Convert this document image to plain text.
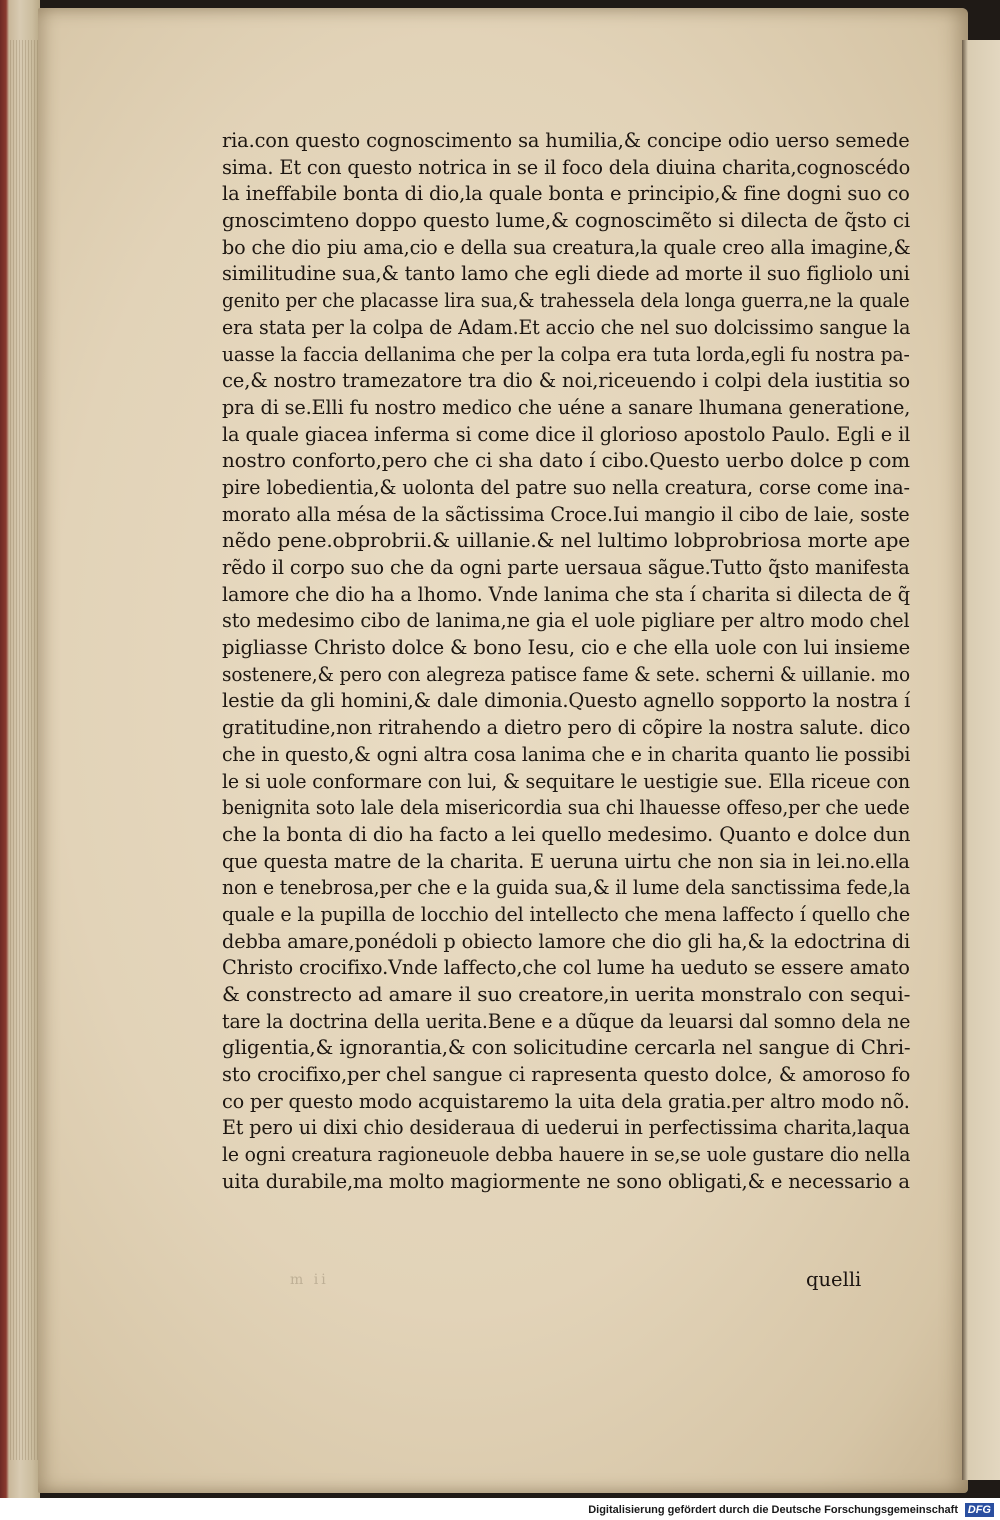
ria.con questo cognoscimento sa humilia,& concipe odio uerso semede
sima. Et con questo notrica in se il foco dela diuina charita,cognoscédo
la ineffabile bonta di dio,la quale bonta e principio,& fine dogni suo co
gnoscimteno doppo questo lume,& cognoscimẽto si dilecta de q̃sto ci
bo che dio piu ama,cio e della sua creatura,la quale creo alla imagine,&
similitudine sua,& tanto lamo che egli diede ad morte il suo figliolo uni
genito per che placasse lira sua,& trahessela dela longa guerra,ne la quale
era stata per la colpa de Adam.Et accio che nel suo dolcissimo sangue la
uasse la faccia dellanima che per la colpa era tuta lorda,egli fu nostra pa-
ce,& nostro tramezatore tra dio & noi,riceuendo i colpi dela iustitia so
pra di se.Elli fu nostro medico che uéne a sanare lhumana generatione,
la quale giacea inferma si come dice il glorioso apostolo Paulo. Egli e il
nostro conforto,pero che ci sha dato í cibo.Questo uerbo dolce p com
pire lobedientia,& uolonta del patre suo nella creatura, corse come ina-
morato alla mésa de la sãctissima Croce.Iui mangio il cibo de laie, soste
nẽdo pene.obprobrii.& uillanie.& nel lultimo lobprobriosa morte ape
rẽdo il corpo suo che da ogni parte uersaua sãgue.Tutto q̃sto manifesta
lamore che dio ha a lhomo. Vnde lanima che sta í charita si dilecta de q̃
sto medesimo cibo de lanima,ne gia el uole pigliare per altro modo chel
pigliasse Christo dolce & bono Iesu, cio e che ella uole con lui insieme
sostenere,& pero con alegreza patisce fame & sete. scherni & uillanie. mo
lestie da gli homini,& dale dimonia.Questo agnello sopporto la nostra í
gratitudine,non ritrahendo a dietro pero di cõpire la nostra salute. dico
che in questo,& ogni altra cosa lanima che e in charita quanto lie possibi
le si uole conformare con lui, & sequitare le uestigie sue. Ella riceue con
benignita soto lale dela misericordia sua chi lhauesse offeso,per che uede
che la bonta di dio ha facto a lei quello medesimo. Quanto e dolce dun
que questa matre de la charita. E ueruna uirtu che non sia in lei.no.ella
non e tenebrosa,per che e la guida sua,& il lume dela sanctissima fede,la
quale e la pupilla de locchio del intellecto che mena laffecto í quello che
debba amare,ponédoli p obiecto lamore che dio gli ha,& la edoctrina di
Christo crocifixo.Vnde laffecto,che col lume ha ueduto se essere amato
& constrecto ad amare il suo creatore,in uerita monstralo con sequi-
tare la doctrina della uerita.Bene e a dũque da leuarsi dal somno dela ne
gligentia,& ignorantia,& con solicitudine cercarla nel sangue di Chri-
sto crocifixo,per chel sangue ci rapresenta questo dolce, & amoroso fo
co per questo modo acquistaremo la uita dela gratia.per altro modo nõ.
Et pero ui dixi chio desideraua di uederui in perfectissima charita,laqua
le ogni creatura ragioneuole debba hauere in se,se uole gustare dio nella
uita durabile,ma molto magiormente ne sono obligati,& e necessario a
m ii	quelli
Digitalisierung gefördert durch die Deutsche Forschungsgemeinschaft DFG
